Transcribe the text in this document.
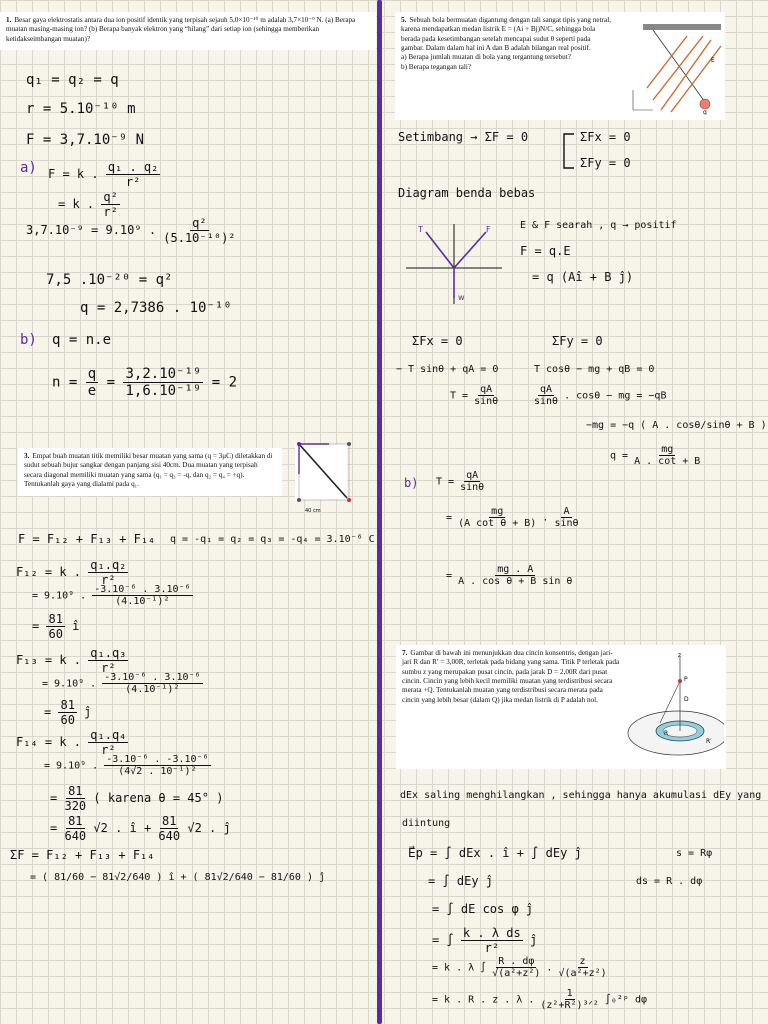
1. Besar gaya elektrostatis antara dua ion positif identik yang terpisah sejauh 5,0×10⁻¹⁰ m adalah 3,7×10⁻⁹ N. (a) Berapa muatan masing-masing ion? (b) Berapa banyak elektron yang “hilang” dari setiap ion (sehingga memberikan ketidakseimbangan muatan)?

5. Sebuah bola bermuatan digantung dengan tali sangat tipis yang netral, karena mendapatkan medan listrik E = (Ai + Bj)N/C, sehingga bola berada pada kesetimbangan setelah mencapai sudut θ seperti pada gambar. Dalam dalam hal ini A dan B adalah bilangan real positif.

a) Berapa jumlah muatan di bola yang tergantung tersebut?

b) Berapa tegangan tali?

E
q

3. Empat buah muatan titik memiliki besar muatan yang sama (q = 3μC) diletakkan di sudut sebuah bujur sangkar dengan panjang sisi 40cm. Dua muatan yang terpisah secara diagonal memiliki muatan yang sama (q₁ = q₃ = -q, dan q₂ = q₄ = +q). Tentukanlah gaya yang dialami pada q₁.

40 cm

7. Gambar di bawah ini menunjukkan dua cincin konsentris, dengan jari-jari R dan R′ = 3,00R, terletak pada bidang yang sama. Titik P terletak pada sumbu z yang merupakan pusat cincin, pada jarak D = 2,00R dari pusat cincin. Cincin yang lebih kecil memiliki muatan yang terdistribusi secara merata +Q. Tentukanlah muatan yang terdistribusi secara merata pada cincin yang lebih besar (dalam Q) jika medan listrik di P adalah nol.

z
P
D
R
R′
q₁ = q₂ = q
r = 5.10⁻¹⁰ m
F = 3,7.10⁻⁹ N
a) F = k . $\frac{\text{q₁ . q₂}}{\text{r²}}$
= k . $\frac{\text{q²}}{\text{r²}}$
3,7.10⁻⁹ = 9.10⁹ . $\frac{\text{q²}}{\text{(5.10⁻¹⁰)²}}$
7,5 .10⁻²⁰ = q²
q = 2,7386 . 10⁻¹⁰
b) q = n.e
$n = \frac{q}{e} = \frac{\text{3,2.10⁻¹⁹}}{\text{1,6.10⁻¹⁹}} = 2$
F = F₁₂ + F₁₃ + F₁₄ q = -q₁ = q₂ = q₃ = -q₄ = 3.10⁻⁶ C
F₁₂ = k . $\frac{\text{q₁.q₂}}{\text{r²}}$
= 9.10⁹ . $\frac{\text{-3.10⁻⁶ . 3.10⁻⁶}}{\text{(4.10⁻¹)²}}$
= $\frac{81}{60}$ î
F₁₃ = k . $\frac{\text{q₁.q₃}}{\text{r²}}$
= 9.10⁹ . $\frac{\text{-3.10⁻⁶ . 3.10⁻⁶}}{\text{(4.10⁻¹)²}}$
= $\frac{81}{60}$ ĵ
F₁₄ = k . $\frac{\text{q₁.q₄}}{\text{r²}}$
= 9.10⁹ . $\frac{\text{-3.10⁻⁶ . -3.10⁻⁶}}{\text{(4√2 . 10⁻¹)²}}$
= $\frac{81}{320}$ ( karena θ = 45° )
= $\frac{81}{640} √2$ . î + $\frac{81}{640} √2$ . ĵ
ΣF = F₁₂ + F₁₃ + F₁₄
= ( 81/60 − 81√2/640 ) î + ( 81√2/640 − 81/60 ) ĵ
Setimbang → ΣF = 0	ΣFx = 0
ΣFy = 0
Diagram benda bebas
T	F
w
E & F searah , q → positif
F = q.E
= q (Aî + B ĵ)
ΣFx = 0	ΣFy = 0
− T sinθ + qA = 0	T cosθ − mg + qB = 0
$T = \frac{qA}{\sin\theta}$	$\frac{qA}{\sin\theta}$ . cosθ − mg = −qB
−mg = −q ( A . cosθ/sinθ + B )
$q = \frac{mg}{A . \cot + B}$
b) $T = \frac{qA}{\sin\theta}$
= $\frac{mg}{\text{(A cot θ + B)}}$ . $\frac{A}{\sin\theta}$
= $\frac{mg . A}{\text{A . cos θ + B sin θ}}$
dEx saling menghilangkan , sehingga hanya akumulasi dEy yang
diintung
E⃗p = ∫ dEx . î + ∫ dEy ĵ	s = Rφ
= ∫ dEy ĵ	ds = R . dφ
= ∫ dE cos φ ĵ
= ∫ $\frac{\text{k . λ ds}}{\text{r²}}$ ĵ
= k . λ ∫ $\frac{R . d\varphi}{\text{√(a²+z²)}}$ . $\frac{z}{\text{√(a²+z²)}}$
= k . R . z . λ . $\frac{1}{\text{(z²+R²)³ᐟ²}}$ ∫₀²ᵖ dφ
